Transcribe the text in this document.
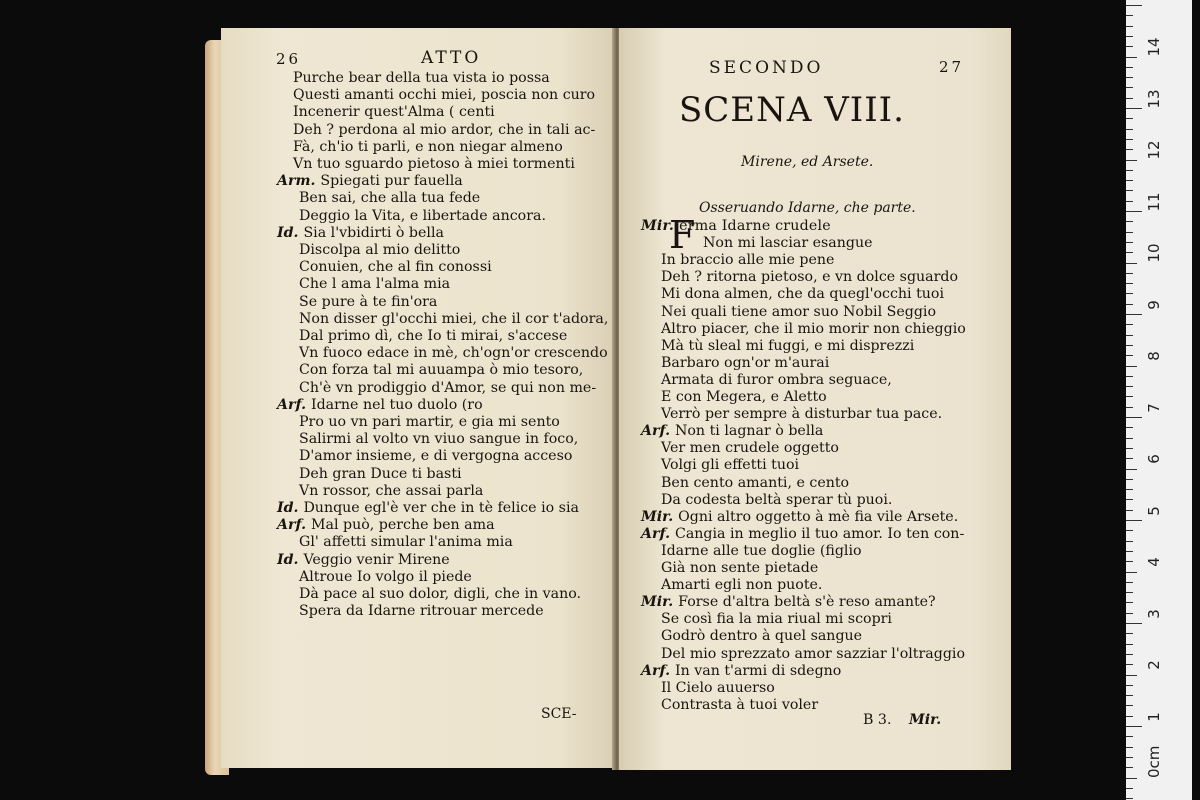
26	ATTO
Purche bear della tua vista io possa
Questi amanti occhi miei, poscia non curo
Incenerir quest'Alma ( centi
Deh ? perdona al mio ardor, che in tali ac-
Fà, ch'io ti parli, e non niegar almeno
Vn tuo sguardo pietoso à miei tormenti
Arm. Spiegati pur fauella
Ben sai, che alla tua fede
Deggio la Vita, e libertade ancora.
Id. Sia l'vbidirti ò bella
Discolpa al mio delitto
Conuien, che al fin conossi
Che l ama l'alma mia
Se pure à te fin'ora
Non disser gl'occhi miei, che il cor t'adora,
Dal primo dì, che Io ti mirai, s'accese
Vn fuoco edace in mè, ch'ogn'or crescendo
Con forza tal mi auuampa ò mio tesoro,
Ch'è vn prodiggio d'Amor, se qui non me-
Arf. Idarne nel tuo duolo (ro
Pro uo vn pari martir, e gia mi sento
Salirmi al volto vn viuo sangue in foco,
D'amor insieme, e di vergogna acceso
Deh gran Duce ti basti
Vn rossor, che assai parla
Id. Dunque egl'è ver che in tè felice io sia
Arf. Mal può, perche ben ama
Gl' affetti simular l'anima mia
Id. Veggio venir Mirene
Altroue Io volgo il piede
Dà pace al suo dolor, digli, che in vano.
Spera da Idarne ritrouar mercede
SCE-
SECONDO	27
SCENA VIII.
Mirene, ed Arsete.
Osseruando Idarne, che parte.
F
Mir. erma Idarne crudele
Non mi lasciar esangue
In braccio alle mie pene
Deh ? ritorna pietoso, e vn dolce sguardo
Mi dona almen, che da quegl'occhi tuoi
Nei quali tiene amor suo Nobil Seggio
Altro piacer, che il mio morir non chieggio
Mà tù sleal mi fuggi, e mi disprezzi
Barbaro ogn'or m'aurai
Armata di furor ombra seguace,
E con Megera, e Aletto
Verrò per sempre à disturbar tua pace.
Arf. Non ti lagnar ò bella
Ver men crudele oggetto
Volgi gli effetti tuoi
Ben cento amanti, e cento
Da codesta beltà sperar tù puoi.
Mir. Ogni altro oggetto à mè fia vile Arsete.
Arf. Cangia in meglio il tuo amor. Io ten con-
Idarne alle tue doglie (figlio
Già non sente pietade
Amarti egli non puote.
Mir. Forse d'altra beltà s'è reso amante?
Se così fia la mia riual mi scopri
Godrò dentro à quel sangue
Del mio sprezzato amor sazziar l'oltraggio
Arf. In van t'armi di sdegno
Il Cielo auuerso
Contrasta à tuoi voler
B 3. Mir.
14
13
12
11
10
9
8
7
6
5
4
3
2
1
0cm
